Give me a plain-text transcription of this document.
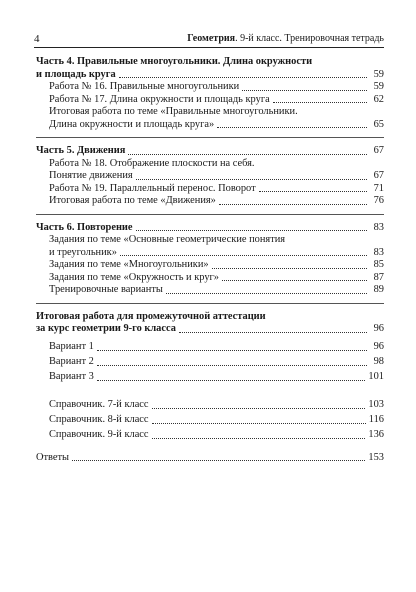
4	Геометрия. 9-й класс. Тренировочная тетрадь
Часть 4. Правильные многоугольники. Длина окружности
и площадь круга	59
Работа № 16. Правильные многоугольники	59
Работа № 17. Длина окружности и площадь круга	62
Итоговая работа по теме «Правильные многоугольники.
Длина окружности и площадь круга»	65
Часть 5. Движения	67
Работа № 18. Отображение плоскости на себя.
Понятие движения	67
Работа № 19. Параллельный перенос. Поворот	71
Итоговая работа по теме «Движения»	76
Часть 6. Повторение	83
Задания по теме «Основные геометрические понятия
и треугольник»	83
Задания по теме «Многоугольники»	85
Задания по теме «Окружность и круг»	87
Тренировочные варианты	89
Итоговая работа для промежуточной аттестации
за курс геометрии 9-го класса	96
Вариант 1	96
Вариант 2	98
Вариант 3	101
Справочник. 7-й класс	103
Справочник. 8-й класс	116
Справочник. 9-й класс	136
Ответы	153
